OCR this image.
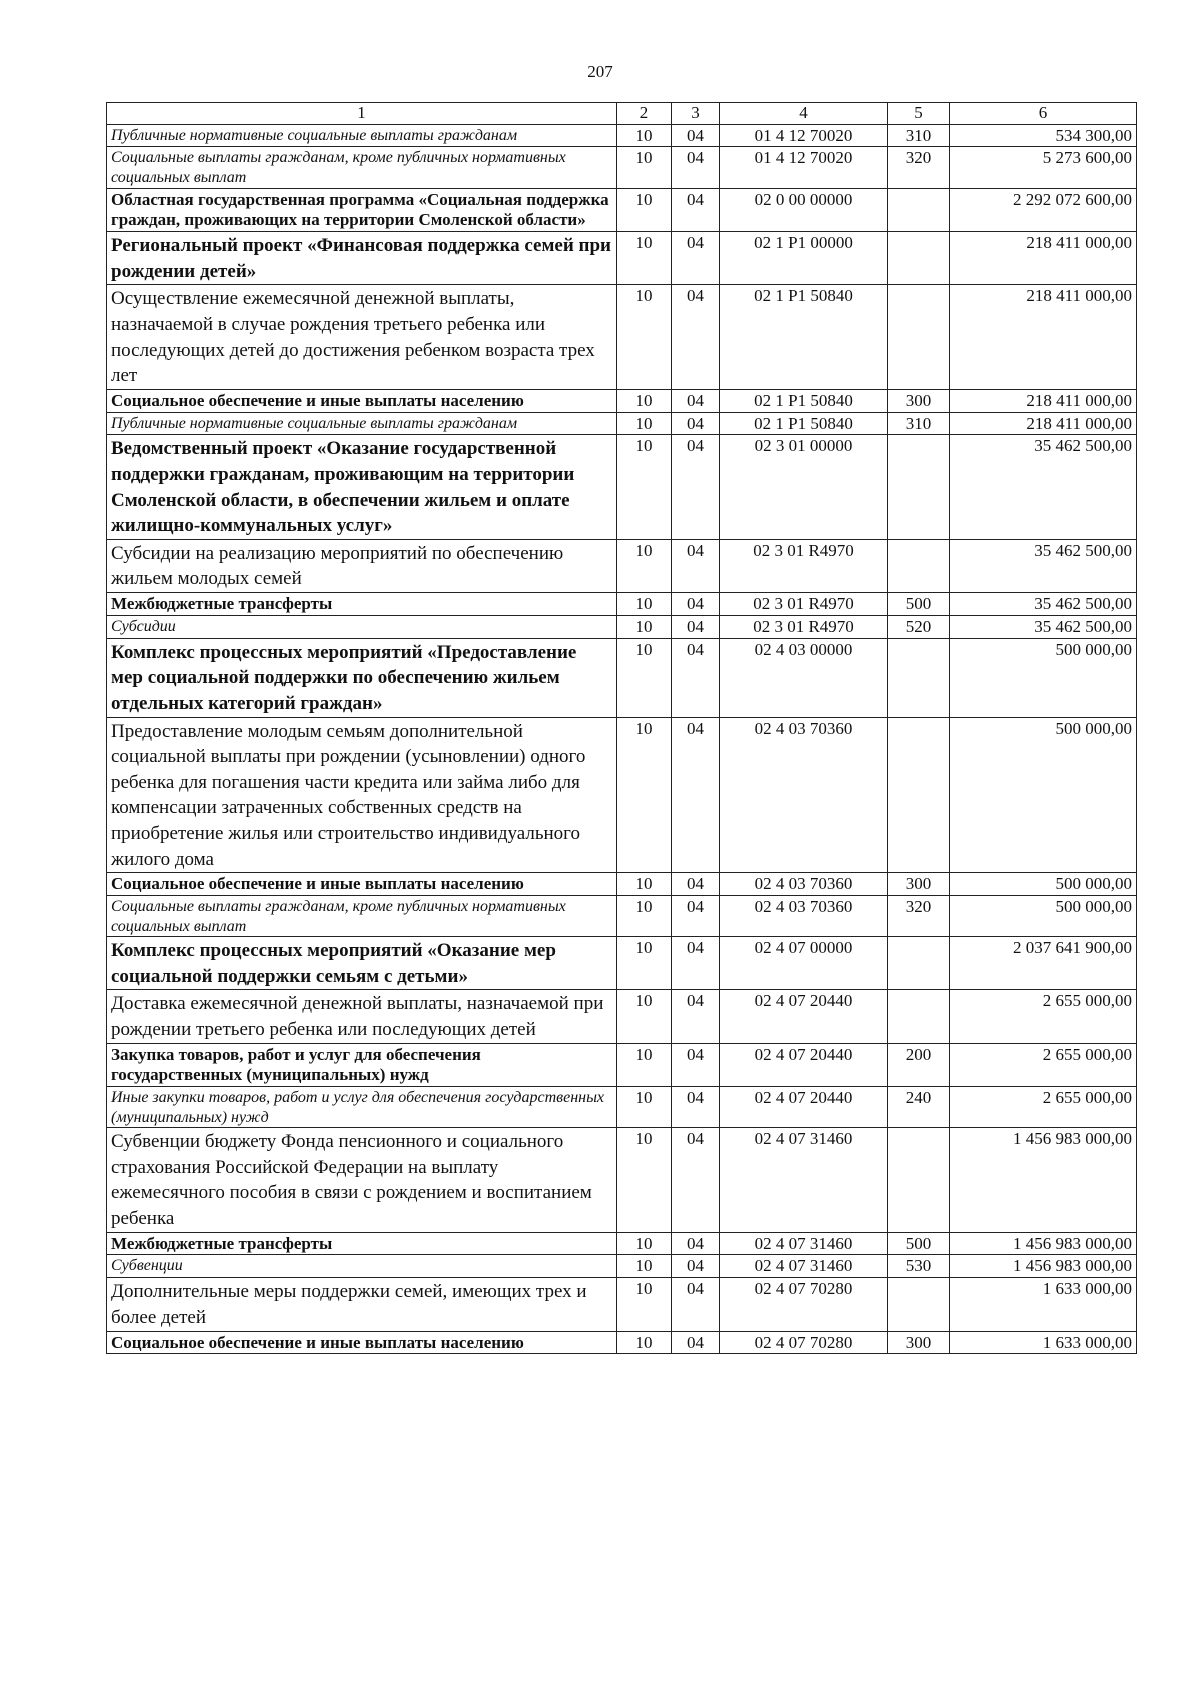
207
1	2	3	4	5	6
Публичные нормативные социальные выплаты гражданам	10	04	01 4 12 70020	310	534 300,00
Социальные выплаты гражданам, кроме публичных нормативных социальных выплат	10	04	01 4 12 70020	320	5 273 600,00
Областная государственная программа «Социальная поддержка граждан, проживающих на территории Смоленской области»	10	04	02 0 00 00000		2 292 072 600,00
Региональный проект «Финансовая поддержка семей при рождении детей»	10	04	02 1 P1 00000		218 411 000,00
Осуществление ежемесячной денежной выплаты, назначаемой в случае рождения третьего ребенка или последующих детей до достижения ребенком возраста трех лет	10	04	02 1 P1 50840		218 411 000,00
Социальное обеспечение и иные выплаты населению	10	04	02 1 P1 50840	300	218 411 000,00
Публичные нормативные социальные выплаты гражданам	10	04	02 1 P1 50840	310	218 411 000,00
Ведомственный проект «Оказание государственной поддержки гражданам, проживающим на территории Смоленской области, в обеспечении жильем и оплате жилищно-коммунальных услуг»	10	04	02 3 01 00000		35 462 500,00
Субсидии на реализацию мероприятий по обеспечению жильем молодых семей	10	04	02 3 01 R4970		35 462 500,00
Межбюджетные трансферты	10	04	02 3 01 R4970	500	35 462 500,00
Субсидии	10	04	02 3 01 R4970	520	35 462 500,00
Комплекс процессных мероприятий «Предоставление мер социальной поддержки по обеспечению жильем отдельных категорий граждан»	10	04	02 4 03 00000		500 000,00
Предоставление молодым семьям дополнительной социальной выплаты при рождении (усыновлении) одного ребенка для погашения части кредита или займа либо для компенсации затраченных собственных средств на приобретение жилья или строительство индивидуального жилого дома	10	04	02 4 03 70360		500 000,00
Социальное обеспечение и иные выплаты населению	10	04	02 4 03 70360	300	500 000,00
Социальные выплаты гражданам, кроме публичных нормативных социальных выплат	10	04	02 4 03 70360	320	500 000,00
Комплекс процессных мероприятий «Оказание мер социальной поддержки семьям с детьми»	10	04	02 4 07 00000		2 037 641 900,00
Доставка ежемесячной денежной выплаты, назначаемой при рождении третьего ребенка или последующих детей	10	04	02 4 07 20440		2 655 000,00
Закупка товаров, работ и услуг для обеспечения государственных (муниципальных) нужд	10	04	02 4 07 20440	200	2 655 000,00
Иные закупки товаров, работ и услуг для обеспечения государственных (муниципальных) нужд	10	04	02 4 07 20440	240	2 655 000,00
Субвенции бюджету Фонда пенсионного и социального страхования Российской Федерации на выплату ежемесячного пособия в связи с рождением и воспитанием ребенка	10	04	02 4 07 31460		1 456 983 000,00
Межбюджетные трансферты	10	04	02 4 07 31460	500	1 456 983 000,00
Субвенции	10	04	02 4 07 31460	530	1 456 983 000,00
Дополнительные меры поддержки семей, имеющих трех и более детей	10	04	02 4 07 70280		1 633 000,00
Социальное обеспечение и иные выплаты населению	10	04	02 4 07 70280	300	1 633 000,00
